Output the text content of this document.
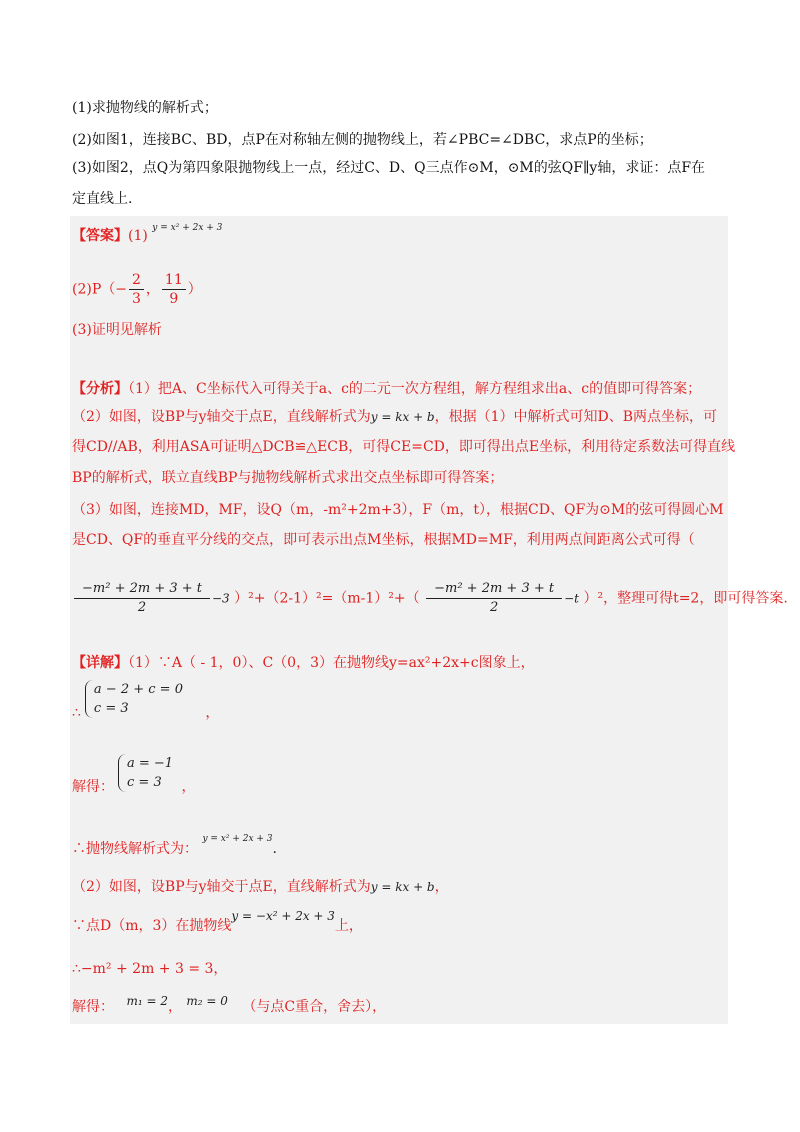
(1)求抛物线的解析式；
(2)如图1，连接BC、BD，点P在对称轴左侧的抛物线上，若∠PBC=∠DBC，求点P的坐标；
(3)如图2，点Q为第四象限抛物线上一点，经过C、D、Q三点作⊙M，⊙M的弦QF∥y轴，求证：点F在
定直线上.
【答案】(1) $^{y = x^2 + 2x + 3}$
$(2)P(- \frac{2}{3}$ ， $\frac{11}{9}$ ）
(3)证明见解析
【分析】（1）把A、C坐标代入可得关于a、c的二元一次方程组，解方程组求出a、c的值即可得答案；
（2）如图，设BP与y轴交于点E，直线解析式为y = kx + b，根据（1）中解析式可知D、B两点坐标，可
得CD//AB，利用ASA可证明△DCB≌△ECB，可得CE=CD，即可得出点E坐标，利用待定系数法可得直线
BP的解析式，联立直线BP与抛物线解析式求出交点坐标即可得答案；
（3）如图，连接MD，MF，设Q（m，-m²+2m+3），F（m，t），根据CD、QF为⊙M的弦可得圆心M
是CD、QF的垂直平分线的交点，即可表示出点M坐标，根据MD=MF，利用两点间距离公式可得（
$\frac{\text{−m² + 2m + 3 + t}}{2} -3$ ）$^2+(2-1)^2=(m-1)^2+( \frac{\text{−m² + 2m + 3 + t}}{2} -t$ ）²，整理可得t=2，即可得答案.
【详解】（1）∵A（ - 1，0）、C（0，3）在抛物线y=ax²+2x+c图象上，
∴
a − 2 + c = 0
c = 3	，
解得：
a = −1
c = 3	，
∴抛物线解析式为： $^{y = x^2 + 2x + 3}$.
（2）如图，设BP与y轴交于点E，直线解析式为y = kx + b，
∵点D（m，3）在抛物线y = −x² + 2x + 3上，
∴−m² + 2m + 3 = 3，
解得： m₁ = 2， m₂ = 0 （与点C重合，舍去），
